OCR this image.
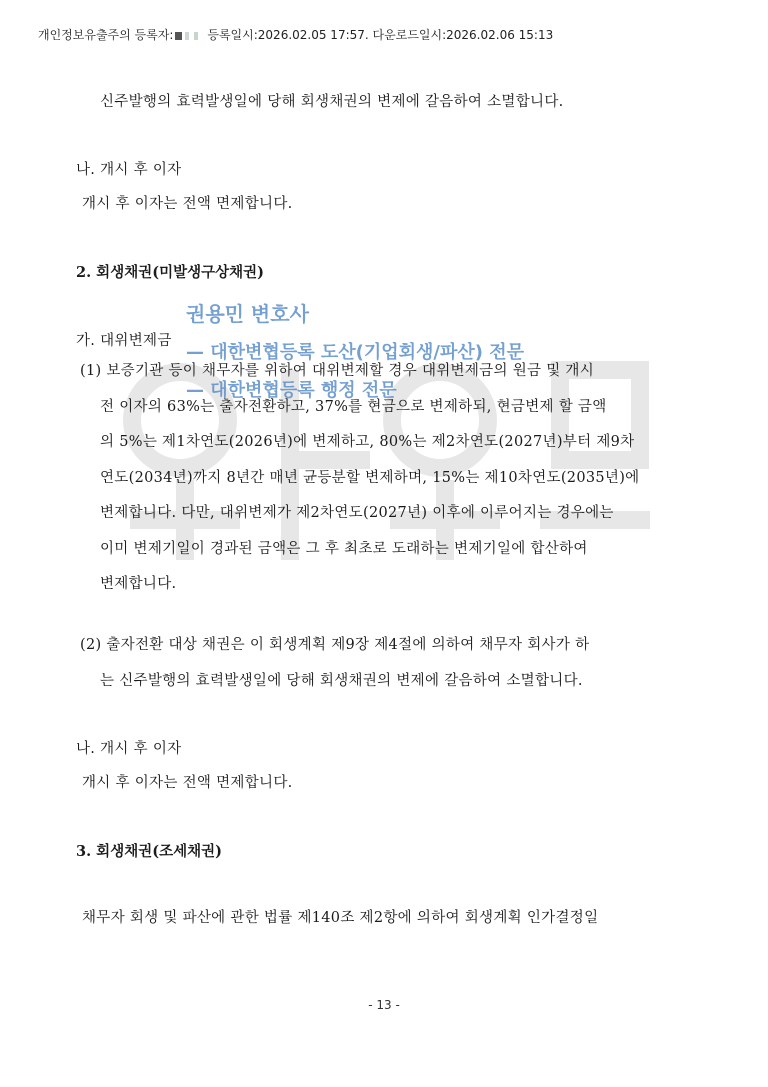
개인정보유출주의 등록자:	등록일시:2026.02.05 17:57. 다운로드일시:2026.02.06 15:13
신주발행의 효력발생일에 당해 회생채권의 변제에 갈음하여 소멸합니다.
나. 개시 후 이자
개시 후 이자는 전액 면제합니다.
2. 회생채권(미발생구상채권)
가. 대위변제금
(1) 보증기관 등이 채무자를 위하여 대위변제할 경우 대위변제금의 원금 및 개시
전 이자의 63%는 출자전환하고, 37%를 현금으로 변제하되, 현금변제 할 금액
의 5%는 제1차연도(2026년)에 변제하고, 80%는 제2차연도(2027년)부터 제9차
연도(2034년)까지 8년간 매년 균등분할 변제하며, 15%는 제10차연도(2035년)에
변제합니다. 다만, 대위변제가 제2차연도(2027년) 이후에 이루어지는 경우에는
이미 변제기일이 경과된 금액은 그 후 최초로 도래하는 변제기일에 합산하여
변제합니다.
(2) 출자전환 대상 채권은 이 회생계획 제9장 제4절에 의하여 채무자 회사가 하
는 신주발행의 효력발생일에 당해 회생채권의 변제에 갈음하여 소멸합니다.
나. 개시 후 이자
개시 후 이자는 전액 면제합니다.
3. 회생채권(조세채권)
채무자 회생 및 파산에 관한 법률 제140조 제2항에 의하여 회생계획 인가결정일
권용민 변호사
— 대한변협등록 도산(기업회생/파산) 전문
— 대한변협등록 행정 전문
- 13 -
